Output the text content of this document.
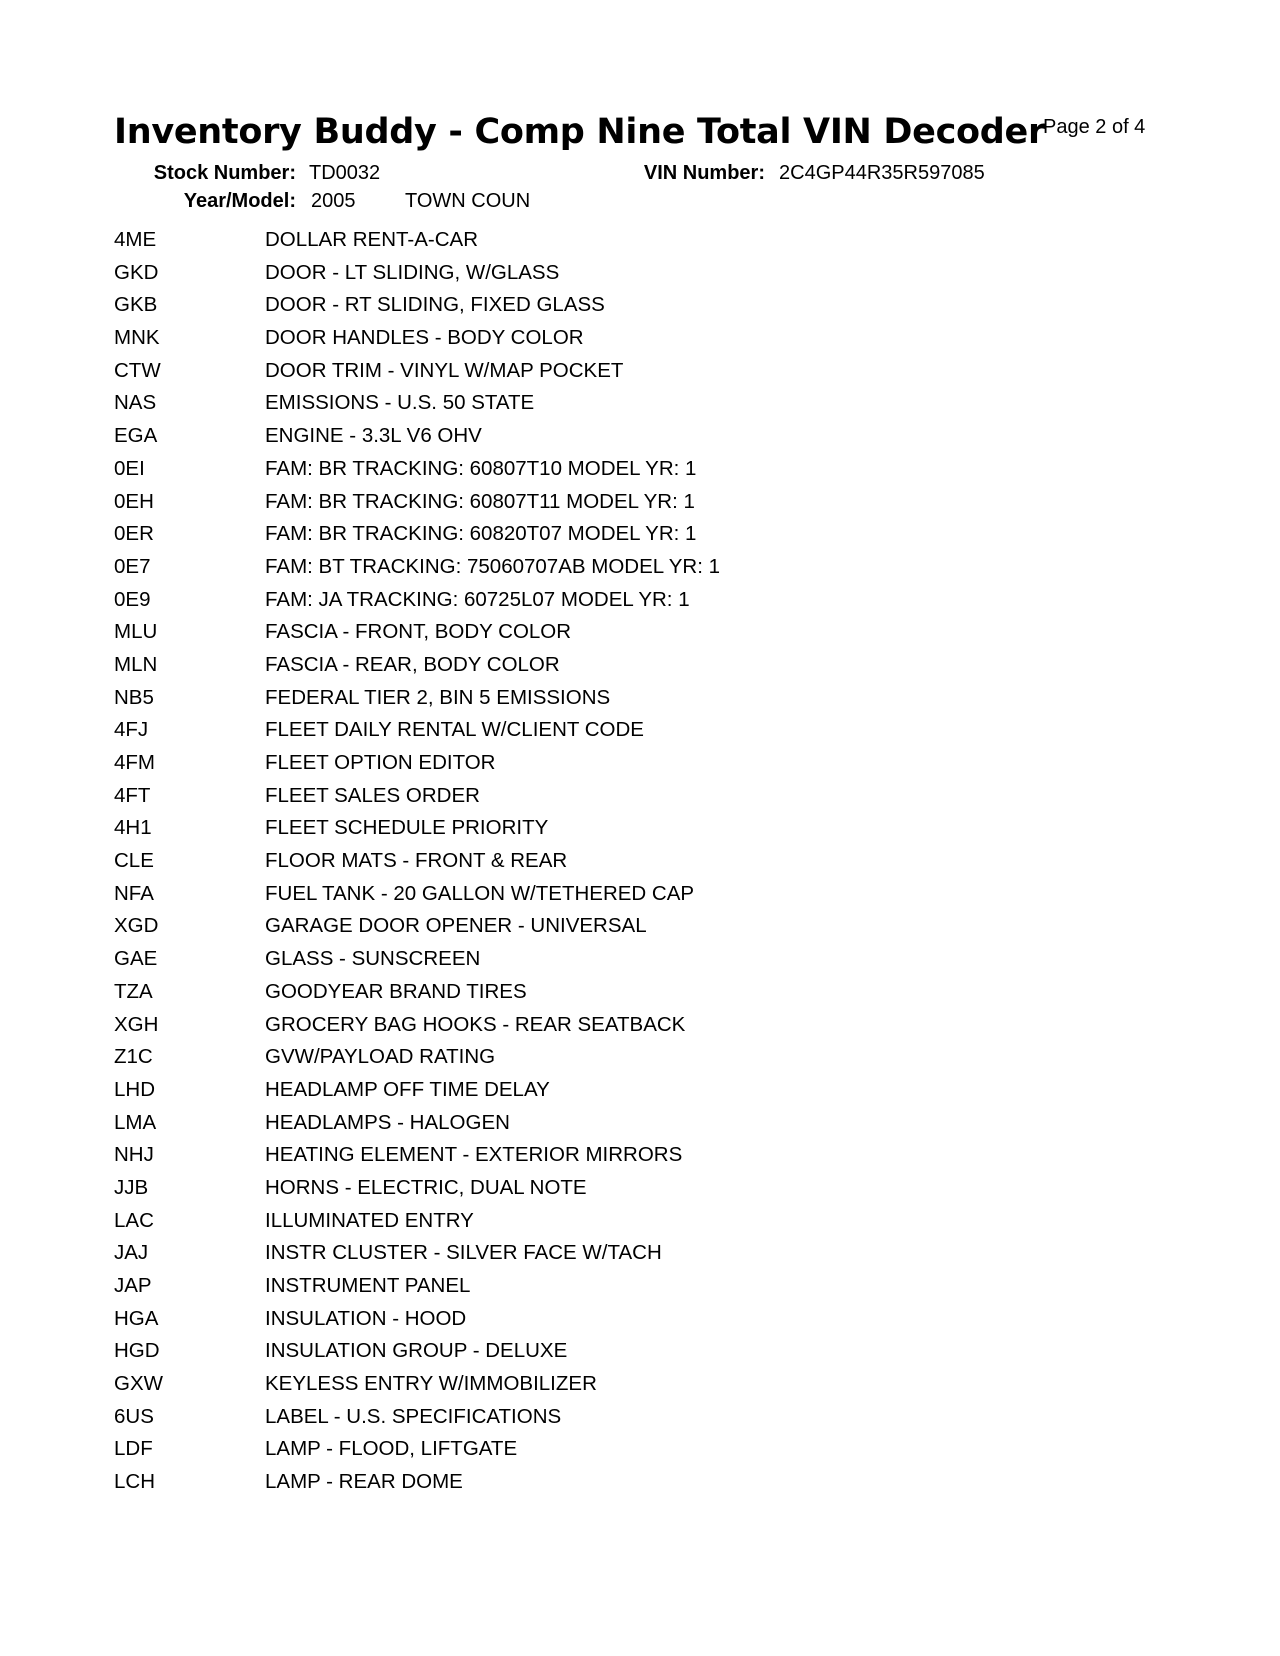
Inventory Buddy - Comp Nine Total VIN Decoder
Page 2 of 4
Stock Number: TD0032	VIN Number: 2C4GP44R35R597085
Year/Model: 2005 TOWN COUN
4ME	DOLLAR RENT-A-CAR
GKD	DOOR - LT SLIDING, W/GLASS
GKB	DOOR - RT SLIDING, FIXED GLASS
MNK	DOOR HANDLES - BODY COLOR
CTW	DOOR TRIM - VINYL W/MAP POCKET
NAS	EMISSIONS - U.S. 50 STATE
EGA	ENGINE - 3.3L V6 OHV
0EI	FAM: BR TRACKING: 60807T10 MODEL YR: 1
0EH	FAM: BR TRACKING: 60807T11 MODEL YR: 1
0ER	FAM: BR TRACKING: 60820T07 MODEL YR: 1
0E7	FAM: BT TRACKING: 75060707AB MODEL YR: 1
0E9	FAM: JA TRACKING: 60725L07 MODEL YR: 1
MLU	FASCIA - FRONT, BODY COLOR
MLN	FASCIA - REAR, BODY COLOR
NB5	FEDERAL TIER 2, BIN 5 EMISSIONS
4FJ	FLEET DAILY RENTAL W/CLIENT CODE
4FM	FLEET OPTION EDITOR
4FT	FLEET SALES ORDER
4H1	FLEET SCHEDULE PRIORITY
CLE	FLOOR MATS - FRONT & REAR
NFA	FUEL TANK - 20 GALLON W/TETHERED CAP
XGD	GARAGE DOOR OPENER - UNIVERSAL
GAE	GLASS - SUNSCREEN
TZA	GOODYEAR BRAND TIRES
XGH	GROCERY BAG HOOKS - REAR SEATBACK
Z1C	GVW/PAYLOAD RATING
LHD	HEADLAMP OFF TIME DELAY
LMA	HEADLAMPS - HALOGEN
NHJ	HEATING ELEMENT - EXTERIOR MIRRORS
JJB	HORNS - ELECTRIC, DUAL NOTE
LAC	ILLUMINATED ENTRY
JAJ	INSTR CLUSTER - SILVER FACE W/TACH
JAP	INSTRUMENT PANEL
HGA	INSULATION - HOOD
HGD	INSULATION GROUP - DELUXE
GXW	KEYLESS ENTRY W/IMMOBILIZER
6US	LABEL - U.S. SPECIFICATIONS
LDF	LAMP - FLOOD, LIFTGATE
LCH	LAMP - REAR DOME
